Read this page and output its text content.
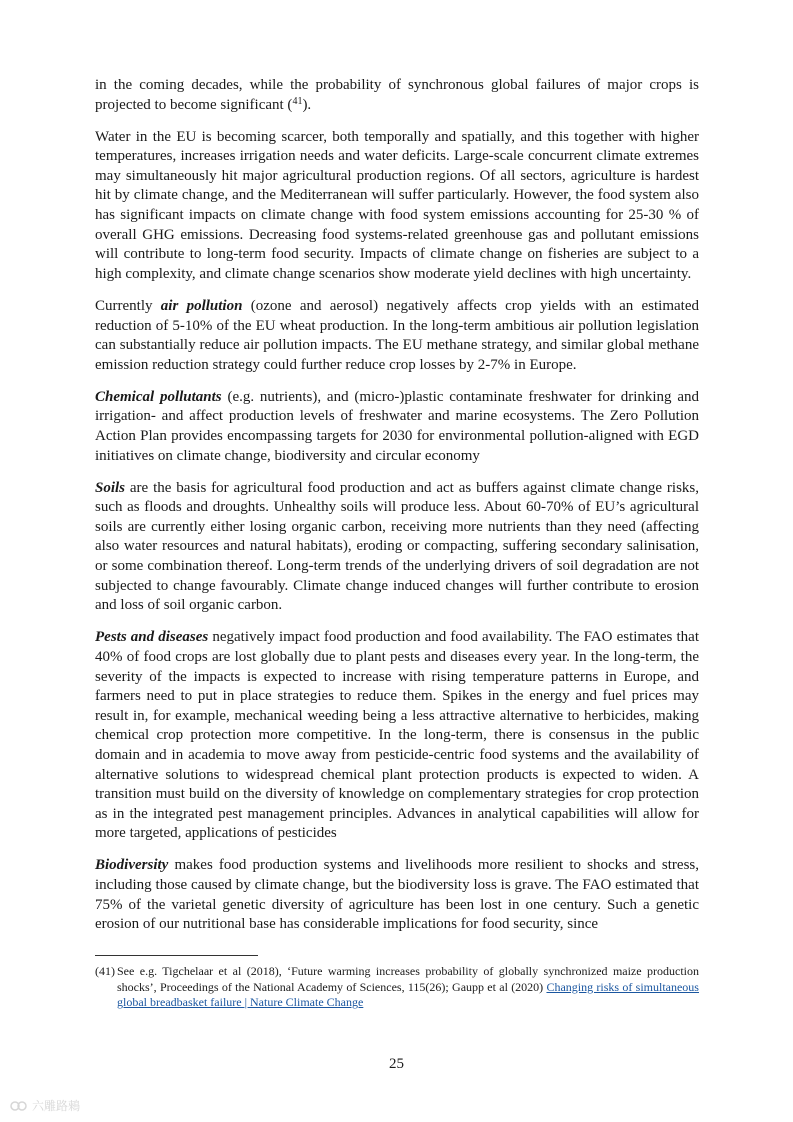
in the coming decades, while the probability of synchronous global failures of major crops is projected to become significant ($^{41}$).

Water in the EU is becoming scarcer, both temporally and spatially, and this together with higher temperatures, increases irrigation needs and water deficits. Large-scale concurrent climate extremes may simultaneously hit major agricultural production regions. Of all sectors, agriculture is hardest hit by climate change, and the Mediterranean will suffer particularly. However, the food system also has significant impacts on climate change with food system emissions accounting for 25-30 % of overall GHG emissions. Decreasing food systems-related greenhouse gas and pollutant emissions will contribute to long-term food security. Impacts of climate change on fisheries are subject to a high complexity, and climate change scenarios show moderate yield declines with high uncertainty.

Currently air pollution (ozone and aerosol) negatively affects crop yields with an estimated reduction of 5-10% of the EU wheat production. In the long-term ambitious air pollution legislation can substantially reduce air pollution impacts. The EU methane strategy, and similar global methane emission reduction strategy could further reduce crop losses by 2-7% in Europe.

Chemical pollutants (e.g. nutrients), and (micro-)plastic contaminate freshwater for drinking and irrigation- and affect production levels of freshwater and marine ecosystems. The Zero Pollution Action Plan provides encompassing targets for 2030 for environmental pollution-aligned with EGD initiatives on climate change, biodiversity and circular economy

Soils are the basis for agricultural food production and act as buffers against climate change risks, such as floods and droughts. Unhealthy soils will produce less. About 60-70% of EU’s agricultural soils are currently either losing organic carbon, receiving more nutrients than they need (affecting also water resources and natural habitats), eroding or compacting, suffering secondary salinisation, or some combination thereof. Long-term trends of the underlying drivers of soil degradation are not subjected to change favourably. Climate change induced changes will further contribute to erosion and loss of soil organic carbon.

Pests and diseases negatively impact food production and food availability. The FAO estimates that 40% of food crops are lost globally due to plant pests and diseases every year. In the long-term, the severity of the impacts is expected to increase with rising temperature patterns in Europe, and farmers need to put in place strategies to reduce them. Spikes in the energy and fuel prices may result in, for example, mechanical weeding being a less attractive alternative to herbicides, making chemical crop protection more competitive. In the long-term, there is consensus in the public domain and in academia to move away from pesticide-centric food systems and the availability of alternative solutions to widespread chemical plant protection products is expected to widen. A transition must build on the diversity of knowledge on complementary strategies for crop protection as in the integrated pest management principles. Advances in analytical capabilities will allow for more targeted, applications of pesticides

Biodiversity makes food production systems and livelihoods more resilient to shocks and stress, including those caused by climate change, but the biodiversity loss is grave. The FAO estimated that 75% of the varietal genetic diversity of agriculture has been lost in one century. Such a genetic erosion of our nutritional base has considerable implications for food security, since

(41) See e.g. Tigchelaar et al (2018), ‘Future warming increases probability of globally synchronized maize production shocks’, Proceedings of the National Academy of Sciences, 115(26); Gaupp et al (2020) Changing risks of simultaneous global breadbasket failure | Nature Climate Change
25
六雕路鶆
